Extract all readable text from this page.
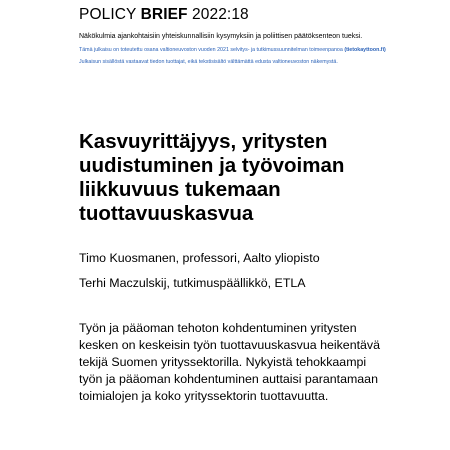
POLICY BRIEF 2022:18
Näkökulmia ajankohtaisiin yhteiskunnallisiin kysymyksiin ja poliittisen päätöksenteon tueksi.
Tämä julkaisu on toteutettu osana valtioneuvoston vuoden 2021 selvitys- ja tutkimussuunnitelman toimeenpanoa (tietokayttoon.fi)
Julkaisun sisällöstä vastaavat tiedon tuottajat, eikä tekstisisältö välttämättä edusta valtioneuvoston näkemystä.
Kasvuyrittäjyys, yritysten
uudistuminen ja työvoiman
liikkuvuus tukemaan
tuottavuuskasvua
Timo Kuosmanen, professori, Aalto yliopisto
Terhi Maczulskij, tutkimuspäällikkö, ETLA

Työn ja pääoman tehoton kohdentuminen yritysten
kesken on keskeisin työn tuottavuuskasvua heikentävä
tekijä Suomen yrityssektorilla. Nykyistä tehokkaampi
työn ja pääoman kohdentuminen auttaisi parantamaan
toimialojen ja koko yrityssektorin tuottavuutta.
